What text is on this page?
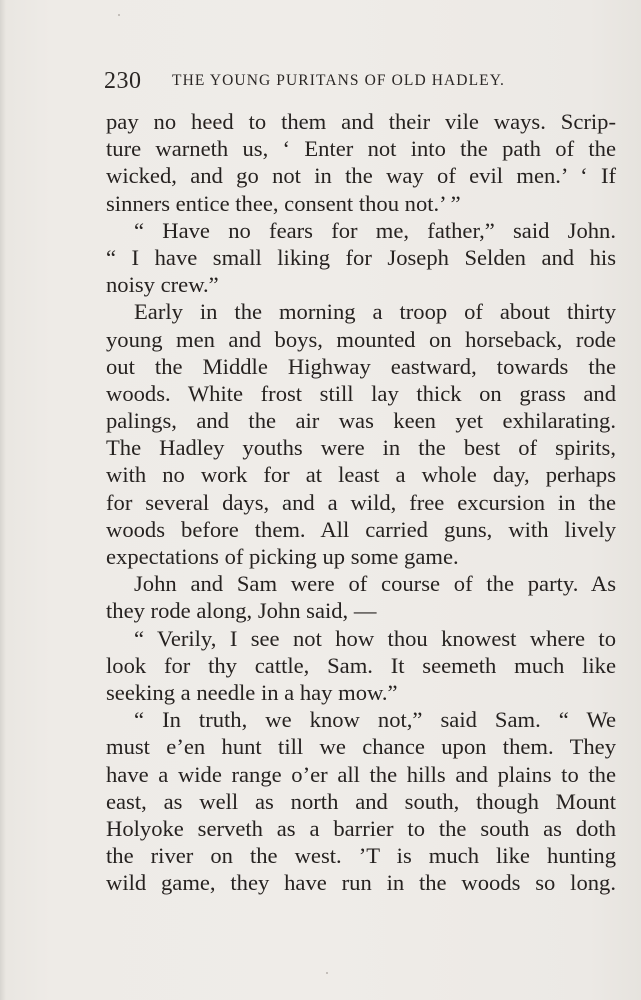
230 THE YOUNG PURITANS OF OLD HADLEY.
pay no heed to them and their vile ways. Scrip-
ture warneth us, ‘ Enter not into the path of the
wicked, and go not in the way of evil men.’ ‘ If
sinners entice thee, consent thou not.’ ”
“ Have no fears for me, father,” said John.
“ I have small liking for Joseph Selden and his
noisy crew.”
Early in the morning a troop of about thirty
young men and boys, mounted on horseback, rode
out the Middle Highway eastward, towards the
woods. White frost still lay thick on grass and
palings, and the air was keen yet exhilarating.
The Hadley youths were in the best of spirits,
with no work for at least a whole day, perhaps
for several days, and a wild, free excursion in the
woods before them. All carried guns, with lively
expectations of picking up some game.
John and Sam were of course of the party. As
they rode along, John said, —
“ Verily, I see not how thou knowest where to
look for thy cattle, Sam. It seemeth much like
seeking a needle in a hay mow.”
“ In truth, we know not,” said Sam. “ We
must e’en hunt till we chance upon them. They
have a wide range o’er all the hills and plains to the
east, as well as north and south, though Mount
Holyoke serveth as a barrier to the south as doth
the river on the west. ’T is much like hunting
wild game, they have run in the woods so long.
